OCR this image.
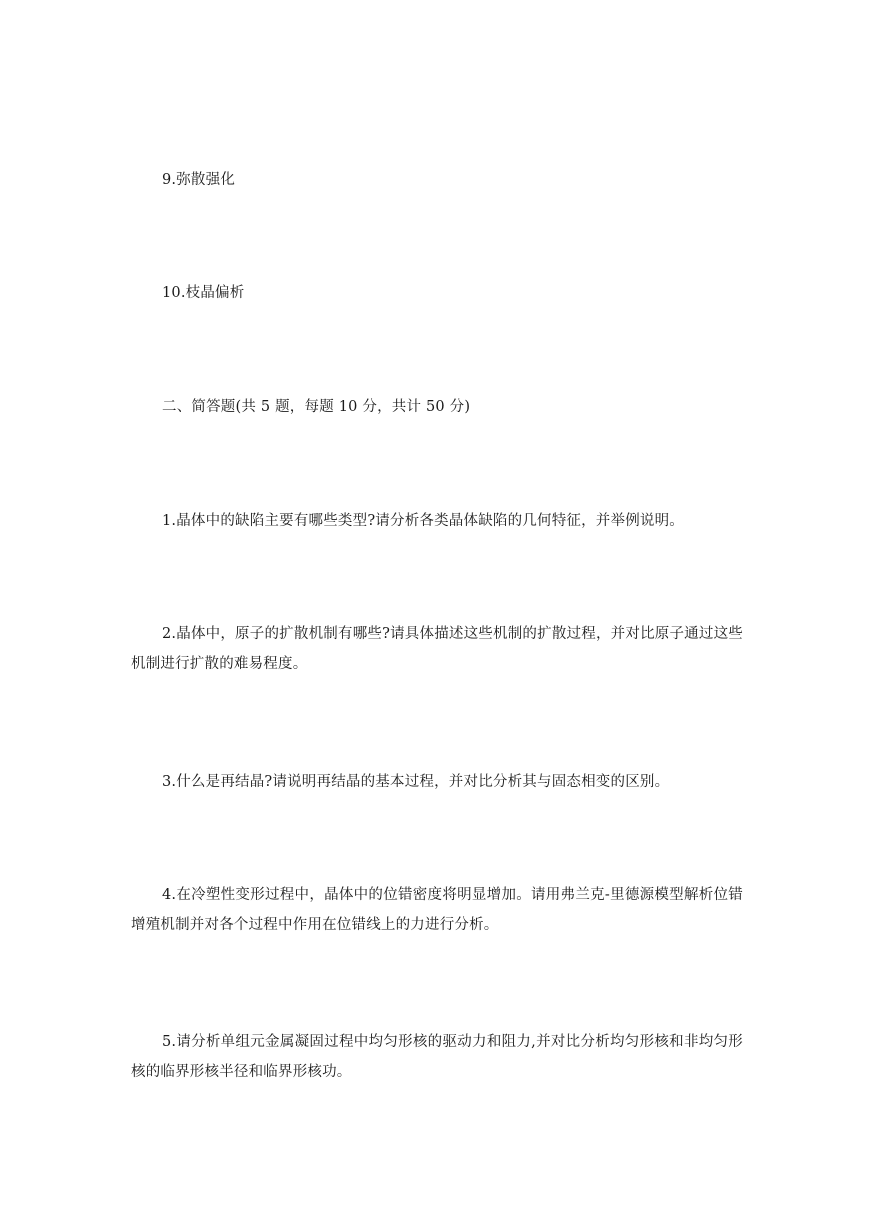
9.弥散强化

10.枝晶偏析

二、简答题(共 5 题，每题 10 分，共计 50 分)

1.晶体中的缺陷主要有哪些类型?请分析各类晶体缺陷的几何特征，并举例说明。

2.晶体中，原子的扩散机制有哪些?请具体描述这些机制的扩散过程，并对比原子通过这些机制进行扩散的难易程度。

3.什么是再结晶?请说明再结晶的基本过程，并对比分析其与固态相变的区别。

4.在冷塑性变形过程中，晶体中的位错密度将明显增加。请用弗兰克-里德源模型解析位错增殖机制并对各个过程中作用在位错线上的力进行分析。

5.请分析单组元金属凝固过程中均匀形核的驱动力和阻力,并对比分析均匀形核和非均匀形核的临界形核半径和临界形核功。
